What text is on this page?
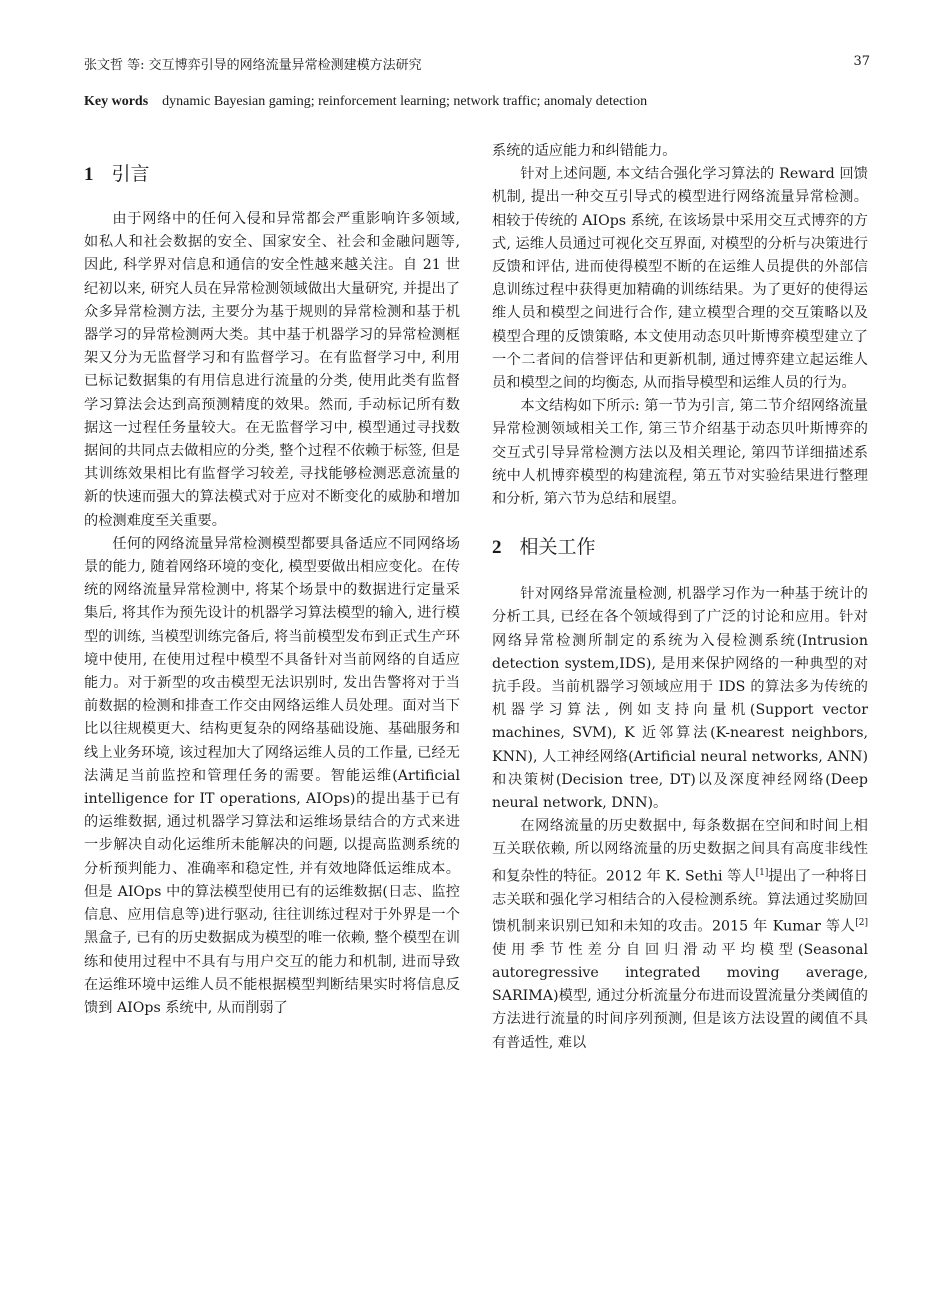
张文哲 等: 交互博弈引导的网络流量异常检测建模方法研究	37
Key words dynamic Bayesian gaming; reinforcement learning; network traffic; anomaly detection
1 引言

由于网络中的任何入侵和异常都会严重影响许多领域, 如私人和社会数据的安全、国家安全、社会和金融问题等, 因此, 科学界对信息和通信的安全性越来越关注。自 21 世纪初以来, 研究人员在异常检测领域做出大量研究, 并提出了众多异常检测方法, 主要分为基于规则的异常检测和基于机器学习的异常检测两大类。其中基于机器学习的异常检测框架又分为无监督学习和有监督学习。在有监督学习中, 利用已标记数据集的有用信息进行流量的分类, 使用此类有监督学习算法会达到高预测精度的效果。然而, 手动标记所有数据这一过程任务量较大。在无监督学习中, 模型通过寻找数据间的共同点去做相应的分类, 整个过程不依赖于标签, 但是其训练效果相比有监督学习较差, 寻找能够检测恶意流量的新的快速而强大的算法模式对于应对不断变化的威胁和增加的检测难度至关重要。

任何的网络流量异常检测模型都要具备适应不同网络场景的能力, 随着网络环境的变化, 模型要做出相应变化。在传统的网络流量异常检测中, 将某个场景中的数据进行定量采集后, 将其作为预先设计的机器学习算法模型的输入, 进行模型的训练, 当模型训练完备后, 将当前模型发布到正式生产环境中使用, 在使用过程中模型不具备针对当前网络的自适应能力。对于新型的攻击模型无法识别时, 发出告警将对于当前数据的检测和排查工作交由网络运维人员处理。面对当下比以往规模更大、结构更复杂的网络基础设施、基础服务和线上业务环境, 该过程加大了网络运维人员的工作量, 已经无法满足当前监控和管理任务的需要。智能运维(Artificial intelligence for IT operations, AIOps)的提出基于已有的运维数据, 通过机器学习算法和运维场景结合的方式来进一步解决自动化运维所未能解决的问题, 以提高监测系统的分析预判能力、准确率和稳定性, 并有效地降低运维成本。但是 AIOps 中的算法模型使用已有的运维数据(日志、监控信息、应用信息等)进行驱动, 往往训练过程对于外界是一个黑盒子, 已有的历史数据成为模型的唯一依赖, 整个模型在训练和使用过程中不具有与用户交互的能力和机制, 进而导致在运维环境中运维人员不能根据模型判断结果实时将信息反馈到 AIOps 系统中, 从而削弱了

系统的适应能力和纠错能力。

针对上述问题, 本文结合强化学习算法的 Reward 回馈机制, 提出一种交互引导式的模型进行网络流量异常检测。相较于传统的 AIOps 系统, 在该场景中采用交互式博弈的方式, 运维人员通过可视化交互界面, 对模型的分析与决策进行反馈和评估, 进而使得模型不断的在运维人员提供的外部信息训练过程中获得更加精确的训练结果。为了更好的使得运维人员和模型之间进行合作, 建立模型合理的交互策略以及模型合理的反馈策略, 本文使用动态贝叶斯博弈模型建立了一个二者间的信誉评估和更新机制, 通过博弈建立起运维人员和模型之间的均衡态, 从而指导模型和运维人员的行为。

本文结构如下所示: 第一节为引言, 第二节介绍网络流量异常检测领域相关工作, 第三节介绍基于动态贝叶斯博弈的交互式引导异常检测方法以及相关理论, 第四节详细描述系统中人机博弈模型的构建流程, 第五节对实验结果进行整理和分析, 第六节为总结和展望。

2 相关工作

针对网络异常流量检测, 机器学习作为一种基于统计的分析工具, 已经在各个领域得到了广泛的讨论和应用。针对网络异常检测所制定的系统为入侵检测系统(Intrusion detection system,IDS), 是用来保护网络的一种典型的对抗手段。当前机器学习领域应用于 IDS 的算法多为传统的机器学习算法, 例如支持向量机(Support vector machines, SVM), K 近邻算法(K-nearest neighbors, KNN), 人工神经网络(Artificial neural networks, ANN)和决策树(Decision tree, DT)以及深度神经网络(Deep neural network, DNN)。

在网络流量的历史数据中, 每条数据在空间和时间上相互关联依赖, 所以网络流量的历史数据之间具有高度非线性和复杂性的特征。2012 年 K. Sethi 等人[1]提出了一种将日志关联和强化学习相结合的入侵检测系统。算法通过奖励回馈机制来识别已知和未知的攻击。2015 年 Kumar 等人[2]使用季节性差分自回归滑动平均模型(Seasonal autoregressive integrated moving average, SARIMA)模型, 通过分析流量分布进而设置流量分类阈值的方法进行流量的时间序列预测, 但是该方法设置的阈值不具有普适性, 难以
